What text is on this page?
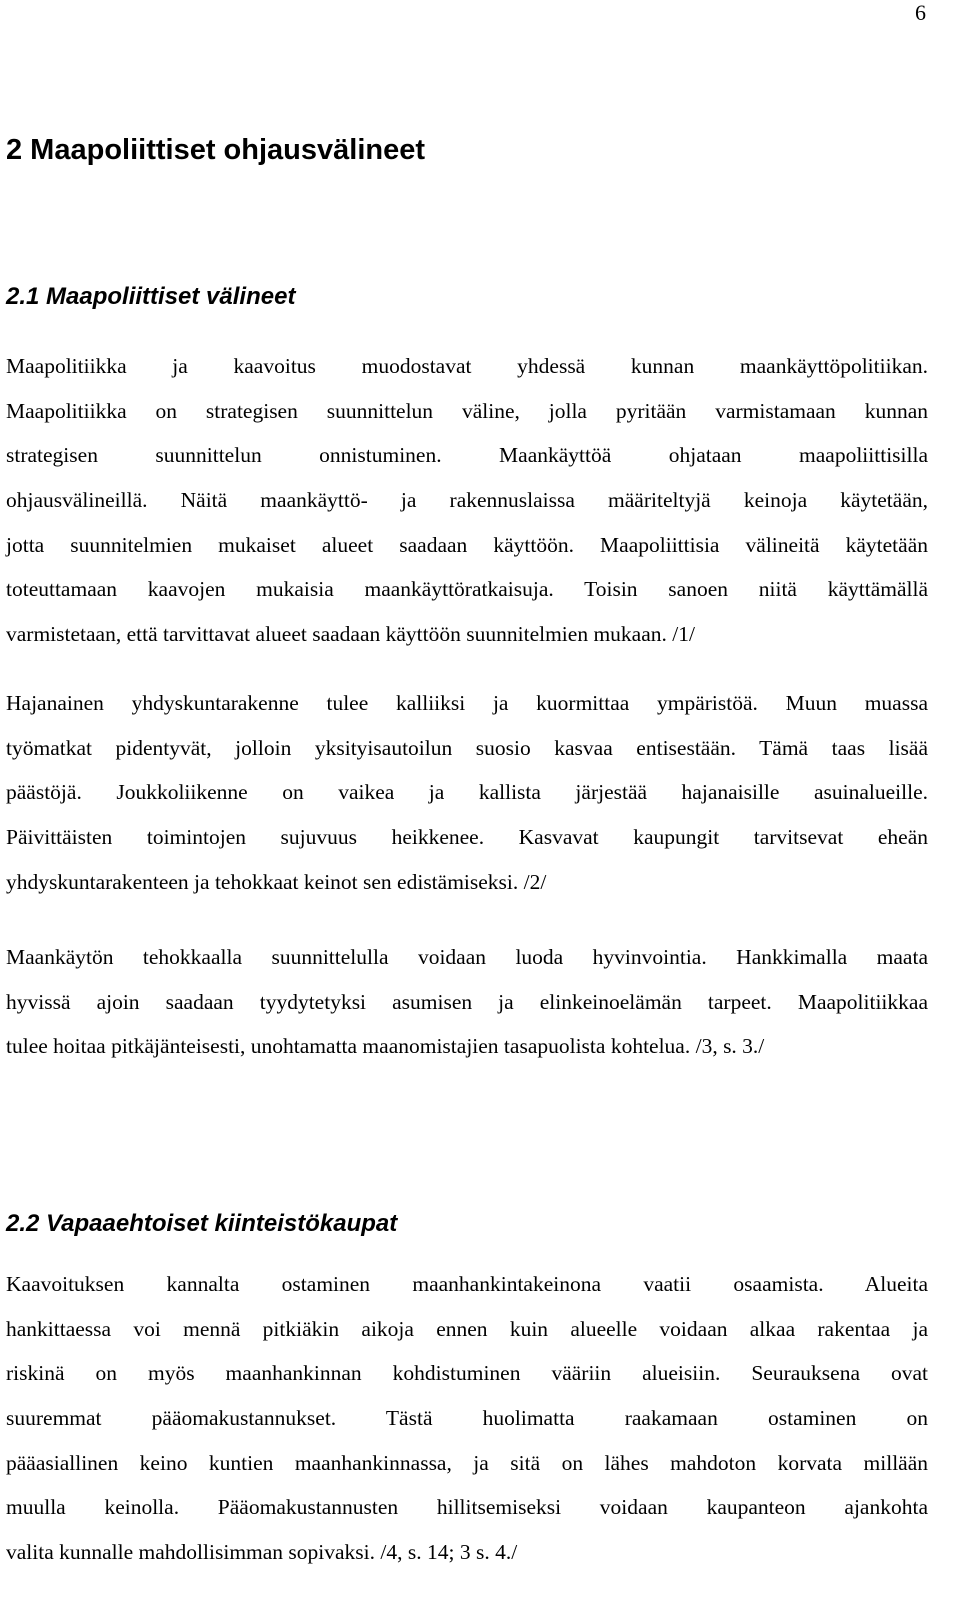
6
2 Maapoliittiset ohjausvälineet
2.1 Maapoliittiset välineet

Maapolitiikka ja kaavoitus muodostavat yhdessä kunnan maankäyttöpolitiikan.
Maapolitiikka on strategisen suunnittelun väline, jolla pyritään varmistamaan kunnan
strategisen suunnittelun onnistuminen. Maankäyttöä ohjataan maapoliittisilla
ohjausvälineillä. Näitä maankäyttö- ja rakennuslaissa määriteltyjä keinoja käytetään,
jotta suunnitelmien mukaiset alueet saadaan käyttöön. Maapoliittisia välineitä käytetään
toteuttamaan kaavojen mukaisia maankäyttöratkaisuja. Toisin sanoen niitä käyttämällä
varmistetaan, että tarvittavat alueet saadaan käyttöön suunnitelmien mukaan. /1/

Hajanainen yhdyskuntarakenne tulee kalliiksi ja kuormittaa ympäristöä. Muun muassa
työmatkat pidentyvät, jolloin yksityisautoilun suosio kasvaa entisestään. Tämä taas lisää
päästöjä. Joukkoliikenne on vaikea ja kallista järjestää hajanaisille asuinalueille.
Päivittäisten toimintojen sujuvuus heikkenee. Kasvavat kaupungit tarvitsevat eheän
yhdyskuntarakenteen ja tehokkaat keinot sen edistämiseksi. /2/

Maankäytön tehokkaalla suunnittelulla voidaan luoda hyvinvointia. Hankkimalla maata
hyvissä ajoin saadaan tyydytetyksi asumisen ja elinkeinoelämän tarpeet. Maapolitiikkaa
tulee hoitaa pitkäjänteisesti, unohtamatta maanomistajien tasapuolista kohtelua. /3, s. 3./

2.2 Vapaaehtoiset kiinteistökaupat

Kaavoituksen kannalta ostaminen maanhankintakeinona vaatii osaamista. Alueita
hankittaessa voi mennä pitkiäkin aikoja ennen kuin alueelle voidaan alkaa rakentaa ja
riskinä on myös maanhankinnan kohdistuminen vääriin alueisiin. Seurauksena ovat
suuremmat pääomakustannukset. Tästä huolimatta raakamaan ostaminen on
pääasiallinen keino kuntien maanhankinnassa, ja sitä on lähes mahdoton korvata millään
muulla keinolla. Pääomakustannusten hillitsemiseksi voidaan kaupanteon ajankohta
valita kunnalle mahdollisimman sopivaksi. /4, s. 14; 3 s. 4./
